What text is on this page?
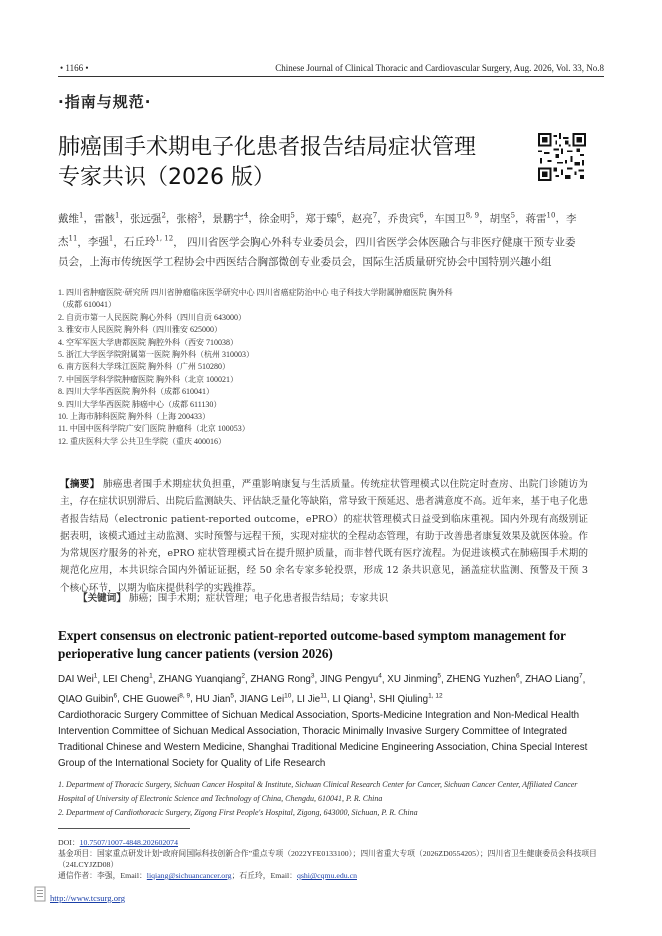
• 1166 •	Chinese Journal of Clinical Thoracic and Cardiovascular Surgery, Aug. 2026, Vol. 33, No.8
·指南与规范·
肺癌围手术期电子化患者报告结局症状管理
专家共识（2026 版）
戴维$^1$，雷骸$^1$，张远强$^2$，张榕$^3$，景鹏宇$^4$，徐金明$^5$，郑于臻$^6$，赵亮$^7$，乔贵宾$^6$，车国卫$^{8, 9}$，胡坚$^5$，蒋雷$^{10}$，李杰$^{11}$，李强$^1$，石丘玲$^{1, 12}$， 四川省医学会胸心外科专业委员会，四川省医学会体医融合与非医疗健康干预专业委员会，上海市传统医学工程协会中西医结合胸部微创专业委员会，国际生活质量研究协会中国特别兴趣小组
1. 四川省肿瘤医院·研究所 四川省肿瘤临床医学研究中心 四川省癌症防治中心 电子科技大学附属肿瘤医院 胸外科
（成都 610041）
2. 自贡市第一人民医院 胸心外科（四川自贡 643000）
3. 雅安市人民医院 胸外科（四川雅安 625000）
4. 空军军医大学唐都医院 胸腔外科（西安 710038）
5. 浙江大学医学院附属第一医院 胸外科（杭州 310003）
6. 南方医科大学珠江医院 胸外科（广州 510280）
7. 中国医学科学院肿瘤医院 胸外科（北京 100021）
8. 四川大学华西医院 胸外科（成都 610041）
9. 四川大学华西医院 肺癌中心（成都 611130）
10. 上海市肺科医院 胸外科（上海 200433）
11. 中国中医科学院广安门医院 肿瘤科（北京 100053）
12. 重庆医科大学 公共卫生学院（重庆 400016）
【摘要】 肺癌患者围手术期症状负担重，严重影响康复与生活质量。传统症状管理模式以住院定时查房、出院门诊随访为主，存在症状识别滞后、出院后监测缺失、评估缺乏量化等缺陷，常导致干预延迟、患者满意度不高。近年来，基于电子化患者报告结局（electronic patient-reported outcome，ePRO）的症状管理模式日益受到临床重视。国内外现有高级别证据表明，该模式通过主动监测、实时预警与远程干预，实现对症状的全程动态管理，有助于改善患者康复效果及就医体验。作为常规医疗服务的补充，ePRO 症状管理模式旨在提升照护质量，而非替代既有医疗流程。为促进该模式在肺癌围手术期的规范化应用，本共识综合国内外循证证据，经 50 余名专家多轮投票，形成 12 条共识意见，涵盖症状监测、预警及干预 3 个核心环节，以期为临床提供科学的实践推荐。
【关键词】 肺癌；围手术期；症状管理；电子化患者报告结局；专家共识
Expert consensus on electronic patient-reported outcome-based symptom management for perioperative lung cancer patients (version 2026)
DAI Wei$^1$, LEI Cheng$^1$, ZHANG Yuanqiang$^2$, ZHANG Rong$^3$, JING Pengyu$^4$, XU Jinming$^5$, ZHENG Yuzhen$^6$, ZHAO Liang$^7$, QIAO Guibin$^6$, CHE Guowei$^{8, 9}$, HU Jian$^5$, JIANG Lei$^{10}$, LI Jie$^{11}$, LI Qiang$^1$, SHI Qiuling$^{1, 12}$
Cardiothoracic Surgery Committee of Sichuan Medical Association, Sports-Medicine Integration and Non-Medical Health Intervention Committee of Sichuan Medical Association, Thoracic Minimally Invasive Surgery Committee of Integrated Traditional Chinese and Western Medicine, Shanghai Traditional Medicine Engineering Association, China Special Interest Group of the International Society for Quality of Life Research
1. Department of Thoracic Surgery, Sichuan Cancer Hospital & Institute, Sichuan Clinical Research Center for Cancer, Sichuan Cancer Center, Affiliated Cancer Hospital of University of Electronic Science and Technology of China, Chengdu, 610041, P. R. China
2. Department of Cardiothoracic Surgery, Zigong First People's Hospital, Zigong, 643000, Sichuan, P. R. China
DOI：10.7507/1007-4848.202602074
基金项目：国家重点研发计划“政府间国际科技创新合作”重点专项（2022YFE0133100）；四川省重大专项（2026ZD0554205）；四川省卫生健康委员会科技项目（24LCYJZD08）
通信作者：李强，Email：liqiang@sichuancancer.org；石丘玲，Email：qshi@cqmu.edu.cn
http://www.tcsurg.org
